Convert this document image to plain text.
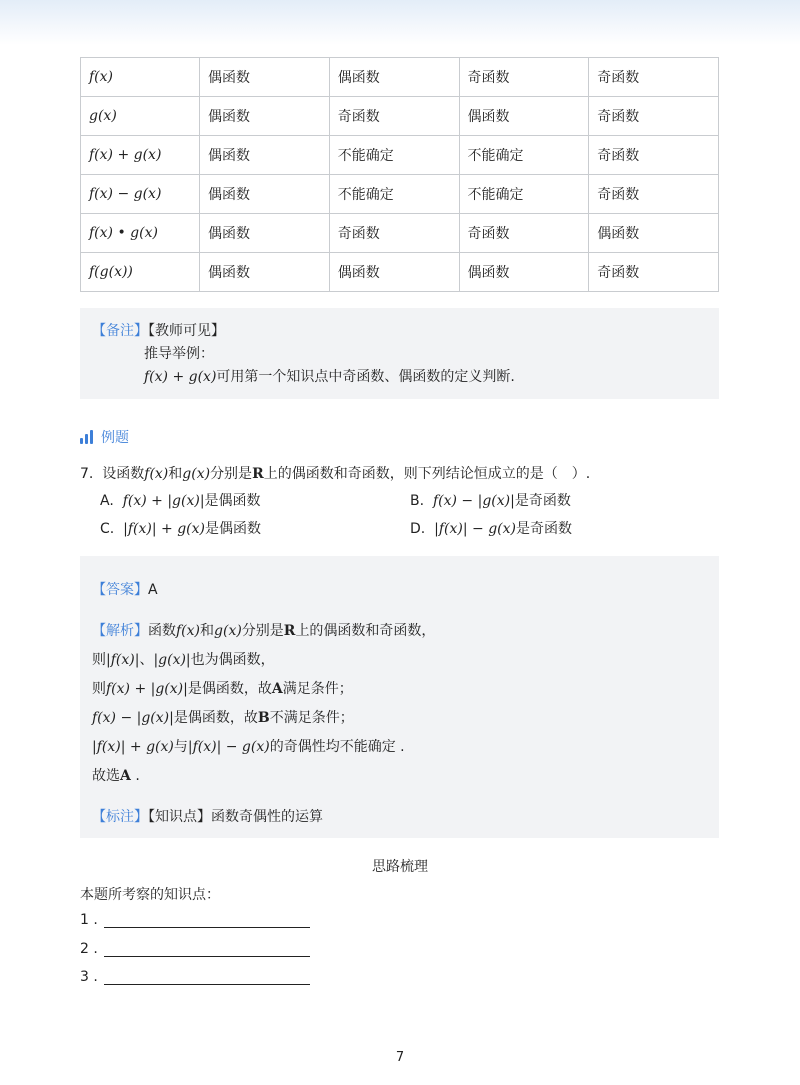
f(x)	偶函数	偶函数	奇函数	奇函数
g(x)	偶函数	奇函数	偶函数	奇函数
f(x) + g(x)	偶函数	不能确定	不能确定	奇函数
f(x) − g(x)	偶函数	不能确定	不能确定	奇函数
f(x) • g(x)	偶函数	奇函数	奇函数	偶函数
f(g(x))	偶函数	偶函数	偶函数	奇函数
【备注】【教师可见】
推导举例：
f(x) + g(x)可用第一个知识点中奇函数、偶函数的定义判断.
例题
7. 设函数f(x)和g(x)分别是R上的偶函数和奇函数，则下列结论恒成立的是（　）.
A. f(x) + |g(x)|是偶函数	B. f(x) − |g(x)|是奇函数
C. |f(x)| + g(x)是偶函数	D. |f(x)| − g(x)是奇函数
【答案】A
【解析】函数f(x)和g(x)分别是R上的偶函数和奇函数，
则|f(x)|、|g(x)|也为偶函数，
则f(x) + |g(x)|是偶函数，故A满足条件；
f(x) − |g(x)|是偶函数，故B不满足条件；
|f(x)| + g(x)与|f(x)| − g(x)的奇偶性均不能确定 .
故选A .
【标注】【知识点】函数奇偶性的运算
思路梳理
本题所考察的知识点：
1 .
2 .
3 .
7
